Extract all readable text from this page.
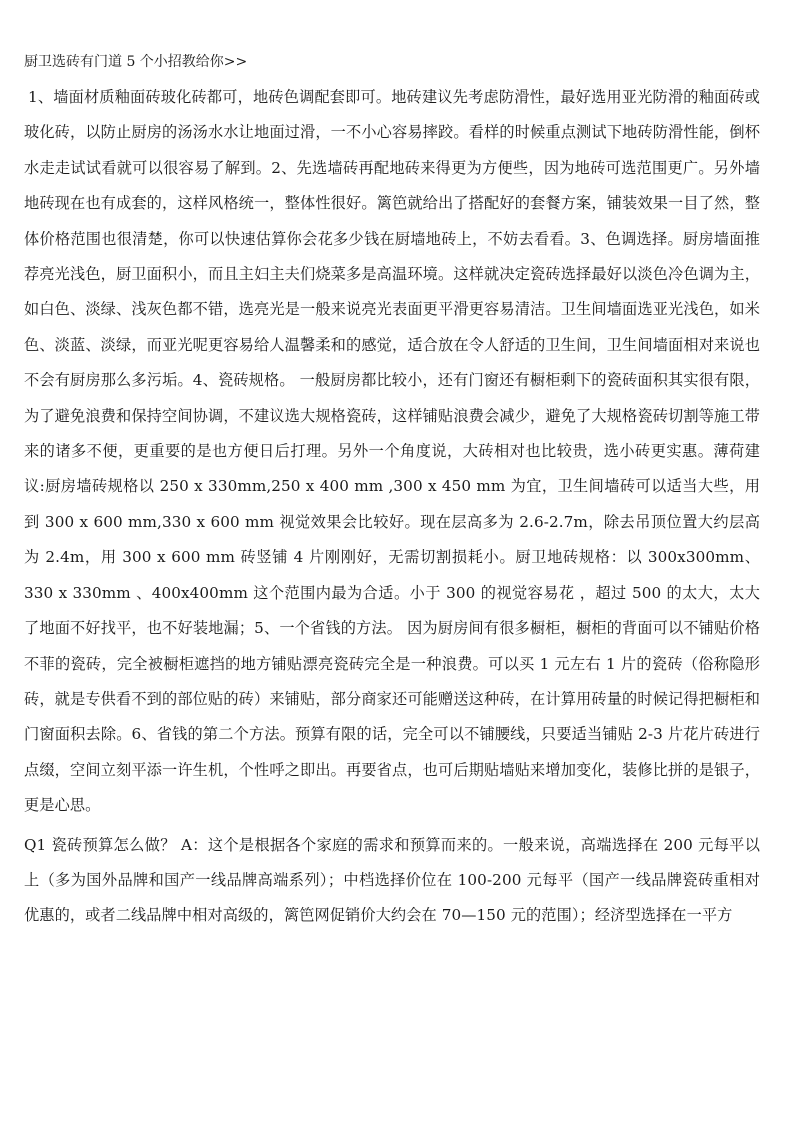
厨卫选砖有门道 5 个小招教给你>>

1、墙面材质釉面砖玻化砖都可，地砖色调配套即可。地砖建议先考虑防滑性，最好选用亚光防滑的釉面砖或玻化砖，以防止厨房的汤汤水水让地面过滑，一不小心容易摔跤。看样的时候重点测试下地砖防滑性能，倒杯水走走试试看就可以很容易了解到。2、先选墙砖再配地砖来得更为方便些，因为地砖可选范围更广。另外墙地砖现在也有成套的，这样风格统一，整体性很好。篱笆就给出了搭配好的套餐方案，铺装效果一目了然，整体价格范围也很清楚，你可以快速估算你会花多少钱在厨墙地砖上，不妨去看看。3、色调选择。厨房墙面推荐亮光浅色，厨卫面积小，而且主妇主夫们烧菜多是高温环境。这样就决定瓷砖选择最好以淡色冷色调为主，如白色、淡绿、浅灰色都不错，选亮光是一般来说亮光表面更平滑更容易清洁。卫生间墙面选亚光浅色，如米色、淡蓝、淡绿，而亚光呢更容易给人温馨柔和的感觉，适合放在令人舒适的卫生间，卫生间墙面相对来说也不会有厨房那么多污垢。4、瓷砖规格。 一般厨房都比较小，还有门窗还有橱柜剩下的瓷砖面积其实很有限，为了避免浪费和保持空间协调，不建议选大规格瓷砖，这样铺贴浪费会减少，避免了大规格瓷砖切割等施工带来的诸多不便，更重要的是也方便日后打理。另外一个角度说，大砖相对也比较贵，选小砖更实惠。薄荷建议:厨房墙砖规格以 250 x 330mm,250 x 400 mm ,300 x 450 mm 为宜，卫生间墙砖可以适当大些，用到 300 x 600 mm,330 x 600 mm 视觉效果会比较好。现在层高多为 2.6-2.7m，除去吊顶位置大约层高为 2.4m，用 300 x 600 mm 砖竖铺 4 片刚刚好，无需切割损耗小。厨卫地砖规格：以 300x300mm、330 x 330mm 、400x400mm 这个范围内最为合适。小于 300 的视觉容易花 ，超过 500 的太大，太大了地面不好找平，也不好装地漏；5、一个省钱的方法。 因为厨房间有很多橱柜，橱柜的背面可以不铺贴价格不菲的瓷砖，完全被橱柜遮挡的地方铺贴漂亮瓷砖完全是一种浪费。可以买 1 元左右 1 片的瓷砖（俗称隐形砖，就是专供看不到的部位贴的砖）来铺贴，部分商家还可能赠送这种砖，在计算用砖量的时候记得把橱柜和门窗面积去除。6、省钱的第二个方法。预算有限的话，完全可以不铺腰线，只要适当铺贴 2-3 片花片砖进行点缀，空间立刻平添一许生机，个性呼之即出。再要省点，也可后期贴墙贴来增加变化，装修比拼的是银子，更是心思。

Q1 瓷砖预算怎么做？ A：这个是根据各个家庭的需求和预算而来的。一般来说，高端选择在 200 元每平以上（多为国外品牌和国产一线品牌高端系列）；中档选择价位在 100-200 元每平（国产一线品牌瓷砖重相对优惠的，或者二线品牌中相对高级的，篱笆网促销价大约会在 70—150 元的范围）；经济型选择在一平方
